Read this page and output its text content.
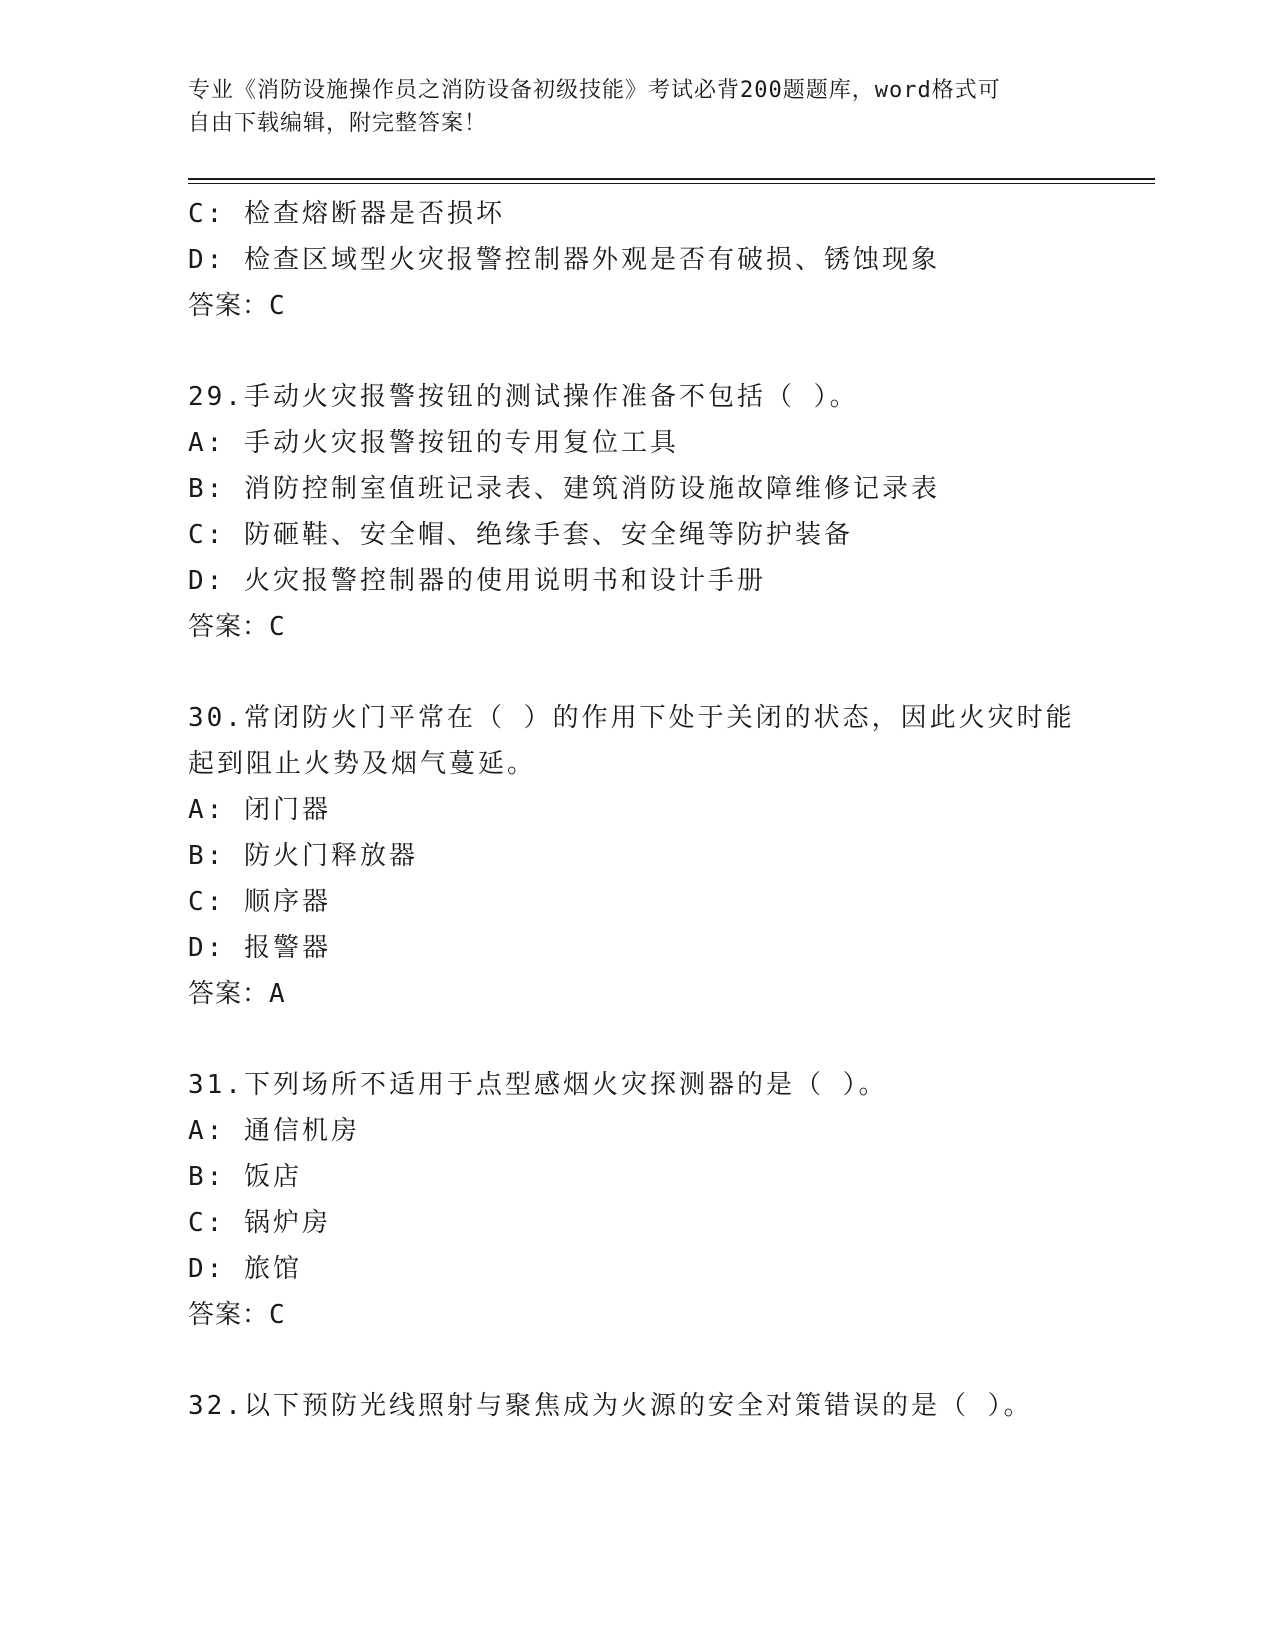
专业《消防设施操作员之消防设备初级技能》考试必背200题题库，word格式可
自由下载编辑，附完整答案！
C: 检查熔断器是否损坏
D: 检查区域型火灾报警控制器外观是否有破损、锈蚀现象
答案：C
29.手动火灾报警按钮的测试操作准备不包括（ ）。
A: 手动火灾报警按钮的专用复位工具
B: 消防控制室值班记录表、建筑消防设施故障维修记录表
C: 防砸鞋、安全帽、绝缘手套、安全绳等防护装备
D: 火灾报警控制器的使用说明书和设计手册
答案：C
30.常闭防火门平常在（ ）的作用下处于关闭的状态，因此火灾时能
起到阻止火势及烟气蔓延。
A: 闭门器
B: 防火门释放器
C: 顺序器
D: 报警器
答案：A
31.下列场所不适用于点型感烟火灾探测器的是（ ）。
A: 通信机房
B: 饭店
C: 锅炉房
D: 旅馆
答案：C
32.以下预防光线照射与聚焦成为火源的安全对策错误的是（ ）。
